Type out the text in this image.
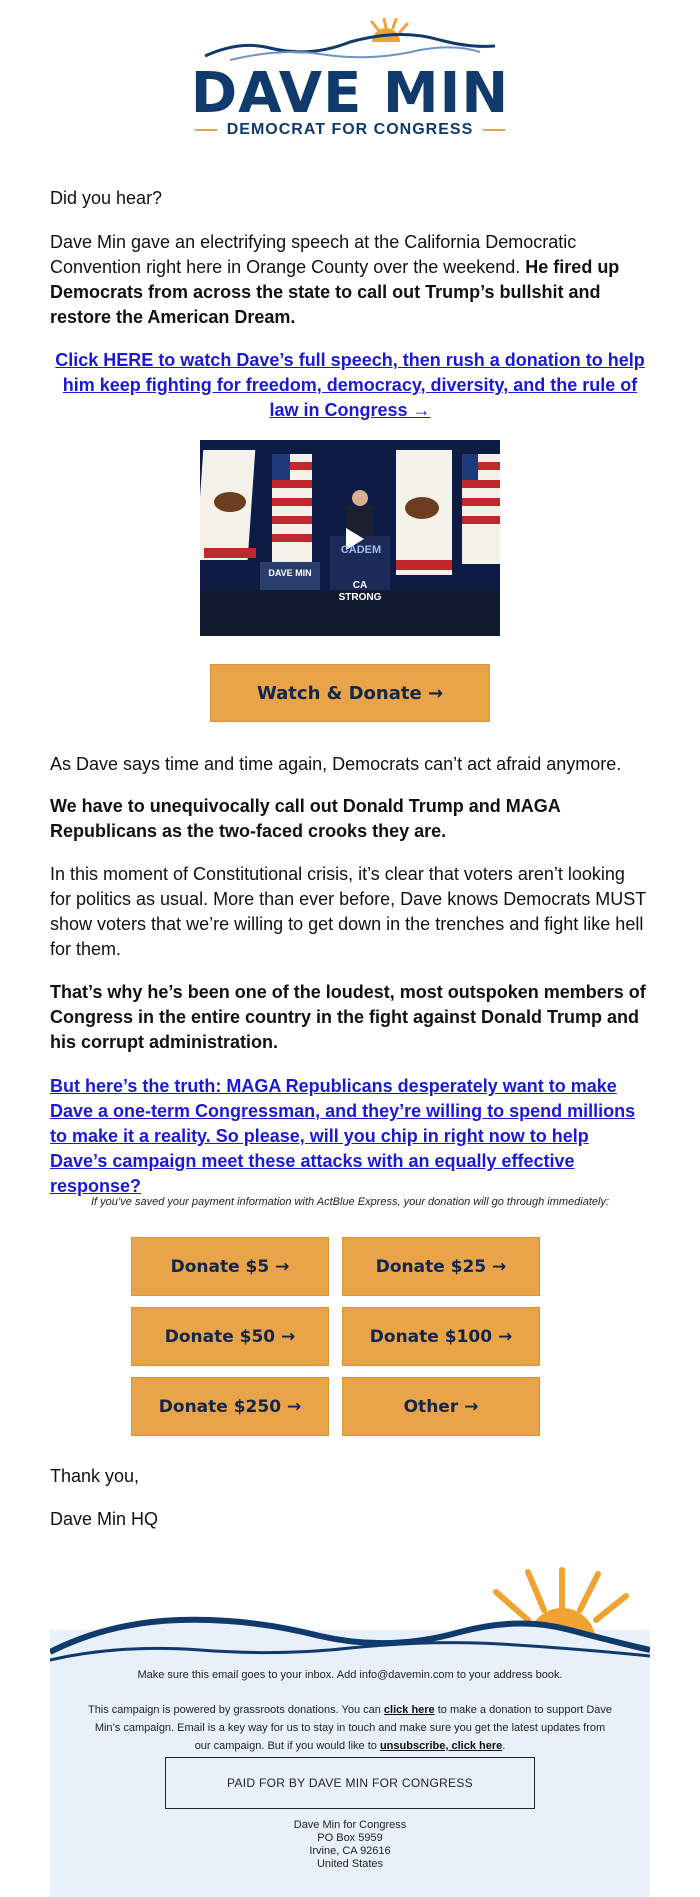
DAVE MIN
DEMOCRAT FOR CONGRESS

Did you hear?

Dave Min gave an electrifying speech at the California Democratic Convention right here in Orange County over the weekend. He fired up Democrats from across the state to call out Trump’s bullshit and restore the American Dream.

Click HERE to watch Dave’s full speech, then rush a donation to help him keep fighting for freedom, democracy, diversity, and the rule of law in Congress →
CADEM
CA STRONG
DAVE MIN
Watch & Donate →

As Dave says time and time again, Democrats can’t act afraid anymore.

We have to unequivocally call out Donald Trump and MAGA Republicans as the two-faced crooks they are.

In this moment of Constitutional crisis, it’s clear that voters aren’t looking for politics as usual. More than ever before, Dave knows Democrats MUST show voters that we’re willing to get down in the trenches and fight like hell for them.

That’s why he’s been one of the loudest, most outspoken members of Congress in the entire country in the fight against Donald Trump and his corrupt administration.

But here’s the truth: MAGA Republicans desperately want to make Dave a one-term Congressman, and they’re willing to spend millions to make it a reality. So please, will you chip in right now to help Dave’s campaign meet these attacks with an equally effective response?
If you’ve saved your payment information with ActBlue Express, your donation will go through immediately:
Donate $5 →	Donate $25 →
Donate $50 →	Donate $100 →
Donate $250 →	Other →

Thank you,

Dave Min HQ

Make sure this email goes to your inbox. Add info@davemin.com to your address book.
This campaign is powered by grassroots donations. You can click here to make a donation to support Dave
Min’s campaign. Email is a key way for us to stay in touch and make sure you get the latest updates from
our campaign. But if you would like to unsubscribe, click here.
PAID FOR BY DAVE MIN FOR CONGRESS
Dave Min for Congress
PO Box 5959
Irvine, CA 92616
United States
